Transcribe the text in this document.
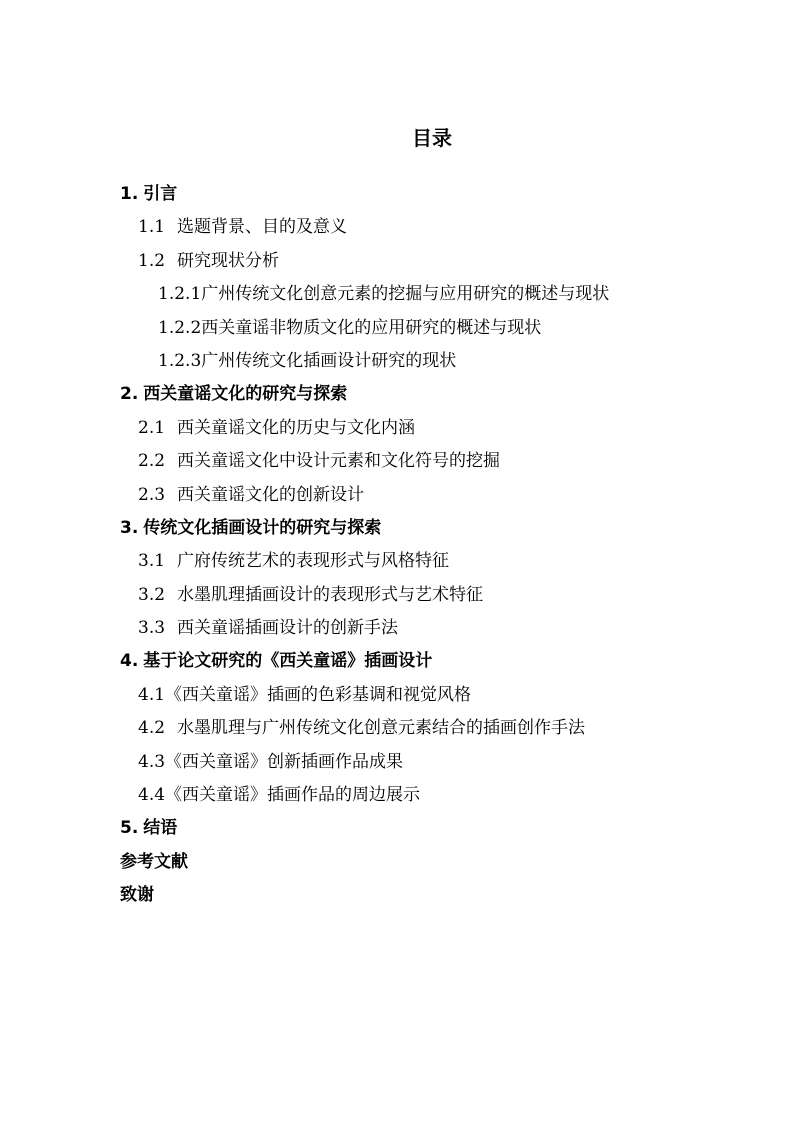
目录
1. 引言
1.1 选题背景、目的及意义
1.2 研究现状分析
1.2.1广州传统文化创意元素的挖掘与应用研究的概述与现状
1.2.2西关童谣非物质文化的应用研究的概述与现状
1.2.3广州传统文化插画设计研究的现状
2. 西关童谣文化的研究与探索
2.1 西关童谣文化的历史与文化内涵
2.2 西关童谣文化中设计元素和文化符号的挖掘
2.3 西关童谣文化的创新设计
3. 传统文化插画设计的研究与探索
3.1 广府传统艺术的表现形式与风格特征
3.2 水墨肌理插画设计的表现形式与艺术特征
3.3 西关童谣插画设计的创新手法
4. 基于论文研究的《西关童谣》插画设计
4.1《西关童谣》插画的色彩基调和视觉风格
4.2 水墨肌理与广州传统文化创意元素结合的插画创作手法
4.3《西关童谣》创新插画作品成果
4.4《西关童谣》插画作品的周边展示
5. 结语
参考文献
致谢
